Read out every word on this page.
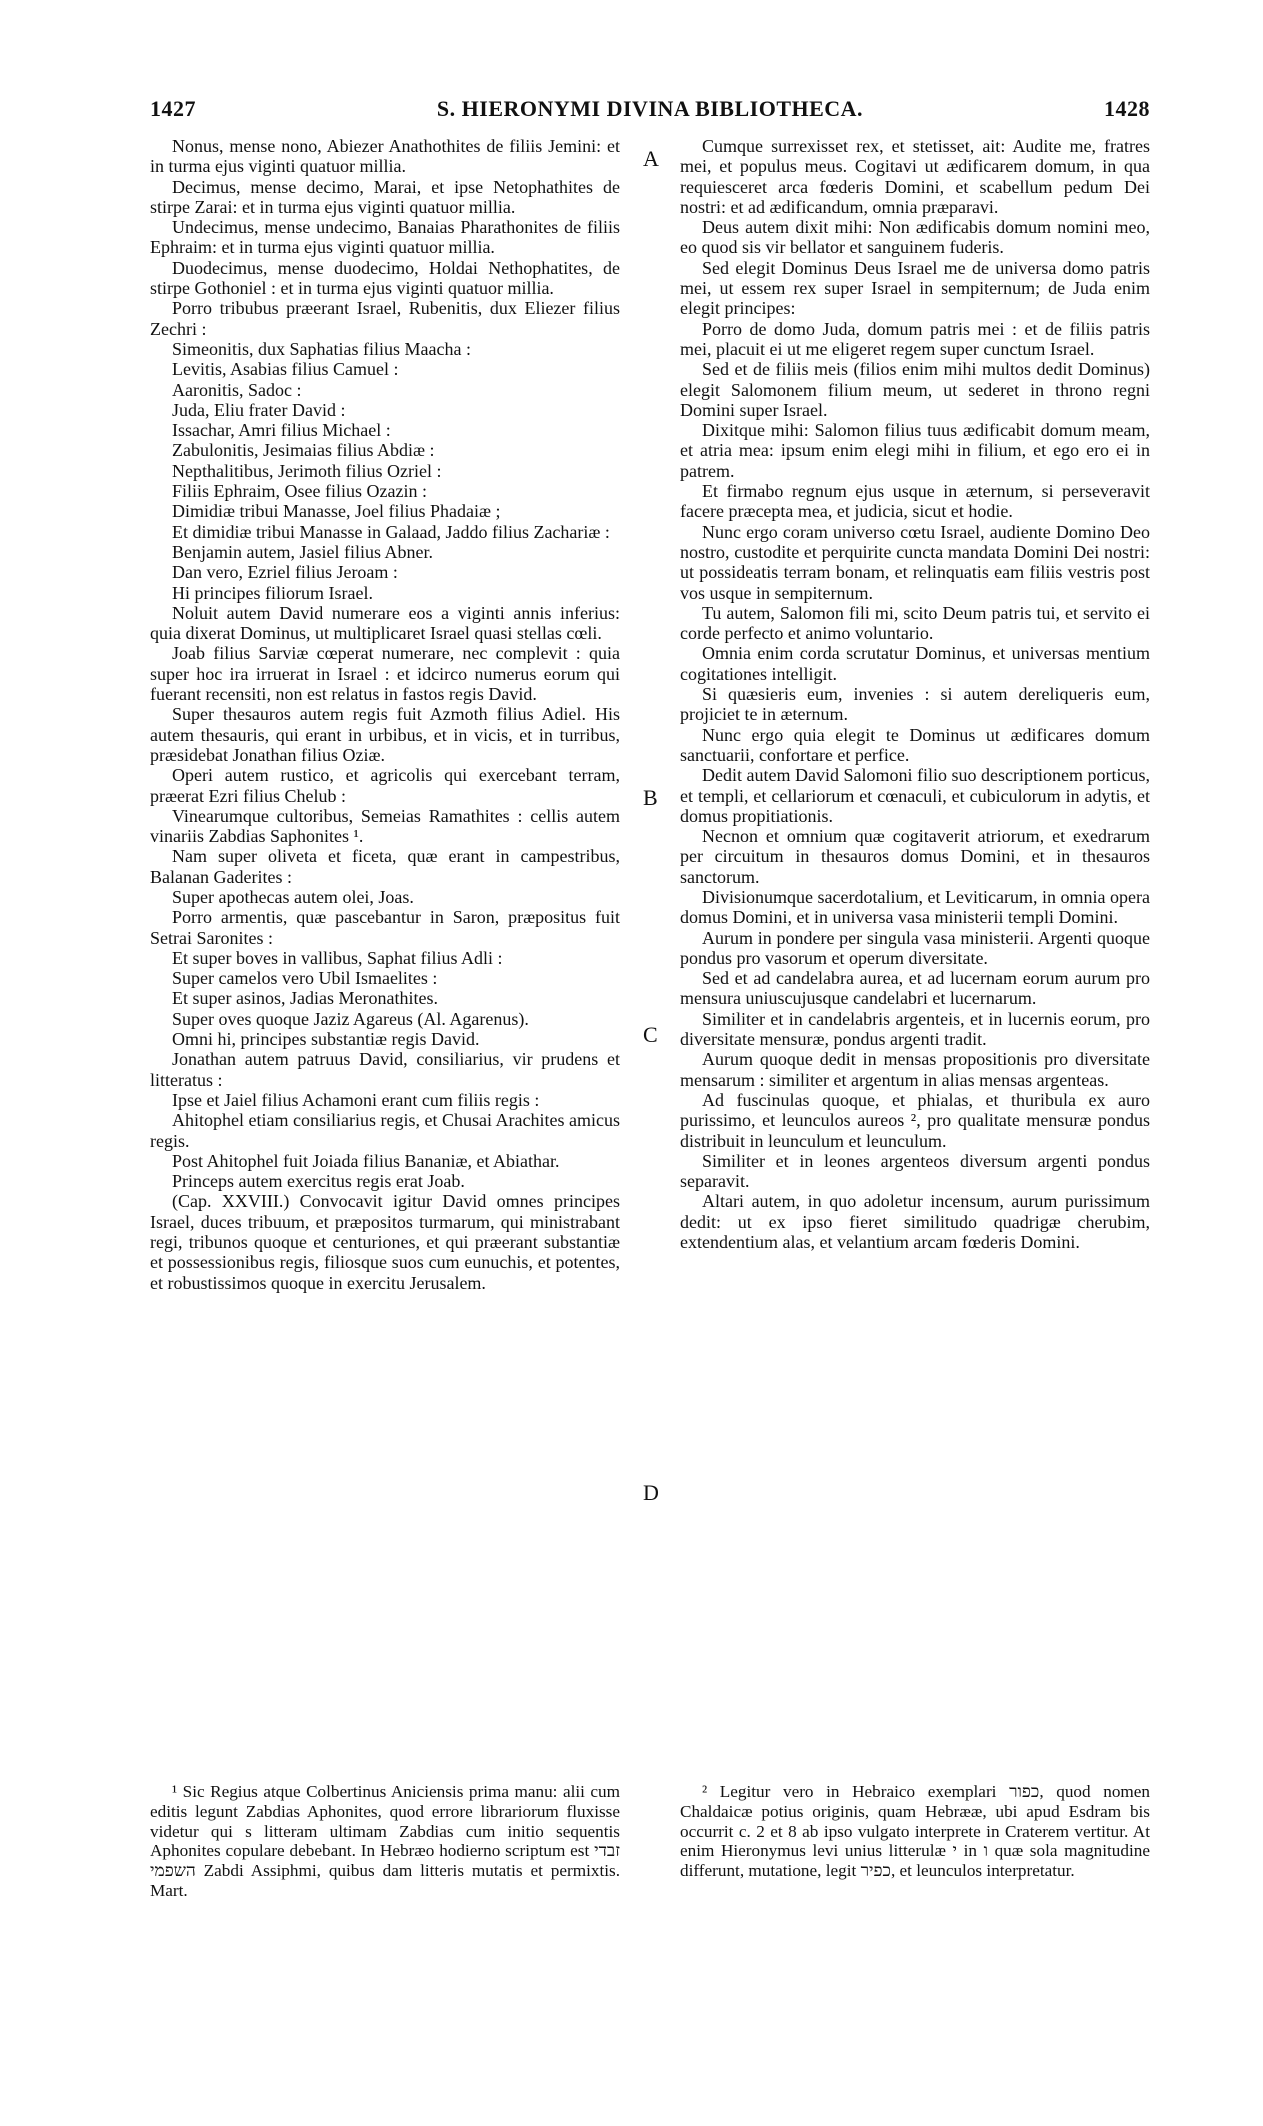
1427	S. HIERONYMI DIVINA BIBLIOTHECA.	1428
A
B
C
D

Nonus, mense nono, Abiezer Anathothites de filiis Jemini: et in turma ejus viginti quatuor millia.

Decimus, mense decimo, Marai, et ipse Netophathites de stirpe Zarai: et in turma ejus viginti quatuor millia.

Undecimus, mense undecimo, Banaias Pharathonites de filiis Ephraim: et in turma ejus viginti quatuor millia.

Duodecimus, mense duodecimo, Holdai Nethophatites, de stirpe Gothoniel : et in turma ejus viginti quatuor millia.

Porro tribubus præerant Israel, Rubenitis, dux Eliezer filius Zechri :

Simeonitis, dux Saphatias filius Maacha :

Levitis, Asabias filius Camuel :

Aaronitis, Sadoc :

Juda, Eliu frater David :

Issachar, Amri filius Michael :

Zabulonitis, Jesimaias filius Abdiæ :

Nepthalitibus, Jerimoth filius Ozriel :

Filiis Ephraim, Osee filius Ozazin :

Dimidiæ tribui Manasse, Joel filius Phadaiæ ;

Et dimidiæ tribui Manasse in Galaad, Jaddo filius Zachariæ :

Benjamin autem, Jasiel filius Abner.

Dan vero, Ezriel filius Jeroam :

Hi principes filiorum Israel.

Noluit autem David numerare eos a viginti annis inferius: quia dixerat Dominus, ut multiplicaret Israel quasi stellas cœli.

Joab filius Sarviæ cœperat numerare, nec complevit : quia super hoc ira irruerat in Israel : et idcirco numerus eorum qui fuerant recensiti, non est relatus in fastos regis David.

Super thesauros autem regis fuit Azmoth filius Adiel. His autem thesauris, qui erant in urbibus, et in vicis, et in turribus, præsidebat Jonathan filius Oziæ.

Operi autem rustico, et agricolis qui exercebant terram, præerat Ezri filius Chelub :

Vinearumque cultoribus, Semeias Ramathites : cellis autem vinariis Zabdias Saphonites ¹.

Nam super oliveta et ficeta, quæ erant in campestribus, Balanan Gaderites :

Super apothecas autem olei, Joas.

Porro armentis, quæ pascebantur in Saron, præpositus fuit Setrai Saronites :

Et super boves in vallibus, Saphat filius Adli :

Super camelos vero Ubil Ismaelites :

Et super asinos, Jadias Meronathites.

Super oves quoque Jaziz Agareus (Al. Agarenus).

Omni hi, principes substantiæ regis David.

Jonathan autem patruus David, consiliarius, vir prudens et litteratus :

Ipse et Jaiel filius Achamoni erant cum filiis regis :

Ahitophel etiam consiliarius regis, et Chusai Arachites amicus regis.

Post Ahitophel fuit Joiada filius Bananiæ, et Abiathar.

Princeps autem exercitus regis erat Joab.

(Cap. XXVIII.) Convocavit igitur David omnes principes Israel, duces tribuum, et præpositos turmarum, qui ministrabant regi, tribunos quoque et centuriones, et qui præerant substantiæ et possessionibus regis, filiosque suos cum eunuchis, et potentes, et robustissimos quoque in exercitu Jerusalem.

Cumque surrexisset rex, et stetisset, ait: Audite me, fratres mei, et populus meus. Cogitavi ut ædificarem domum, in qua requiesceret arca fœderis Domini, et scabellum pedum Dei nostri: et ad ædificandum, omnia præparavi.

Deus autem dixit mihi: Non ædificabis domum nomini meo, eo quod sis vir bellator et sanguinem fuderis.

Sed elegit Dominus Deus Israel me de universa domo patris mei, ut essem rex super Israel in sempiternum; de Juda enim elegit principes:

Porro de domo Juda, domum patris mei : et de filiis patris mei, placuit ei ut me eligeret regem super cunctum Israel.

Sed et de filiis meis (filios enim mihi multos dedit Dominus) elegit Salomonem filium meum, ut sederet in throno regni Domini super Israel.

Dixitque mihi: Salomon filius tuus ædificabit domum meam, et atria mea: ipsum enim elegi mihi in filium, et ego ero ei in patrem.

Et firmabo regnum ejus usque in æternum, si perseveravit facere præcepta mea, et judicia, sicut et hodie.

Nunc ergo coram universo cœtu Israel, audiente Domino Deo nostro, custodite et perquirite cuncta mandata Domini Dei nostri: ut possideatis terram bonam, et relinquatis eam filiis vestris post vos usque in sempiternum.

Tu autem, Salomon fili mi, scito Deum patris tui, et servito ei corde perfecto et animo voluntario.

Omnia enim corda scrutatur Dominus, et universas mentium cogitationes intelligit.

Si quæsieris eum, invenies : si autem dereliqueris eum, projiciet te in æternum.

Nunc ergo quia elegit te Dominus ut ædificares domum sanctuarii, confortare et perfice.

Dedit autem David Salomoni filio suo descriptionem porticus, et templi, et cellariorum et cœnaculi, et cubiculorum in adytis, et domus propitiationis.

Necnon et omnium quæ cogitaverit atriorum, et exedrarum per circuitum in thesauros domus Domini, et in thesauros sanctorum.

Divisionumque sacerdotalium, et Leviticarum, in omnia opera domus Domini, et in universa vasa ministerii templi Domini.

Aurum in pondere per singula vasa ministerii. Argenti quoque pondus pro vasorum et operum diversitate.

Sed et ad candelabra aurea, et ad lucernam eorum aurum pro mensura uniuscujusque candelabri et lucernarum.

Similiter et in candelabris argenteis, et in lucernis eorum, pro diversitate mensuræ, pondus argenti tradit.

Aurum quoque dedit in mensas propositionis pro diversitate mensarum : similiter et argentum in alias mensas argenteas.

Ad fuscinulas quoque, et phialas, et thuribula ex auro purissimo, et leunculos aureos ², pro qualitate mensuræ pondus distribuit in leunculum et leunculum.

Similiter et in leones argenteos diversum argenti pondus separavit.

Altari autem, in quo adoletur incensum, aurum purissimum dedit: ut ex ipso fieret similitudo quadrigæ cherubim, extendentium alas, et velantium arcam fœderis Domini.

¹ Sic Regius atque Colbertinus Aniciensis prima manu: alii cum editis legunt Zabdias Aphonites, quod errore librariorum fluxisse videtur qui s litteram ultimam Zabdias cum initio sequentis Aphonites copulare debebant. In Hebræo hodierno scriptum est זבדי השפמי Zabdi Assiphmi, quibus dam litteris mutatis et permixtis. Mart.

² Legitur vero in Hebraico exemplari כפור, quod nomen Chaldaicæ potius originis, quam Hebrææ, ubi apud Esdram bis occurrit c. 2 et 8 ab ipso vulgato interprete in Craterem vertitur. At enim Hieronymus levi unius litterulæ י in ו quæ sola magnitudine differunt, mutatione, legit כפיר, et leunculos interpretatur.
